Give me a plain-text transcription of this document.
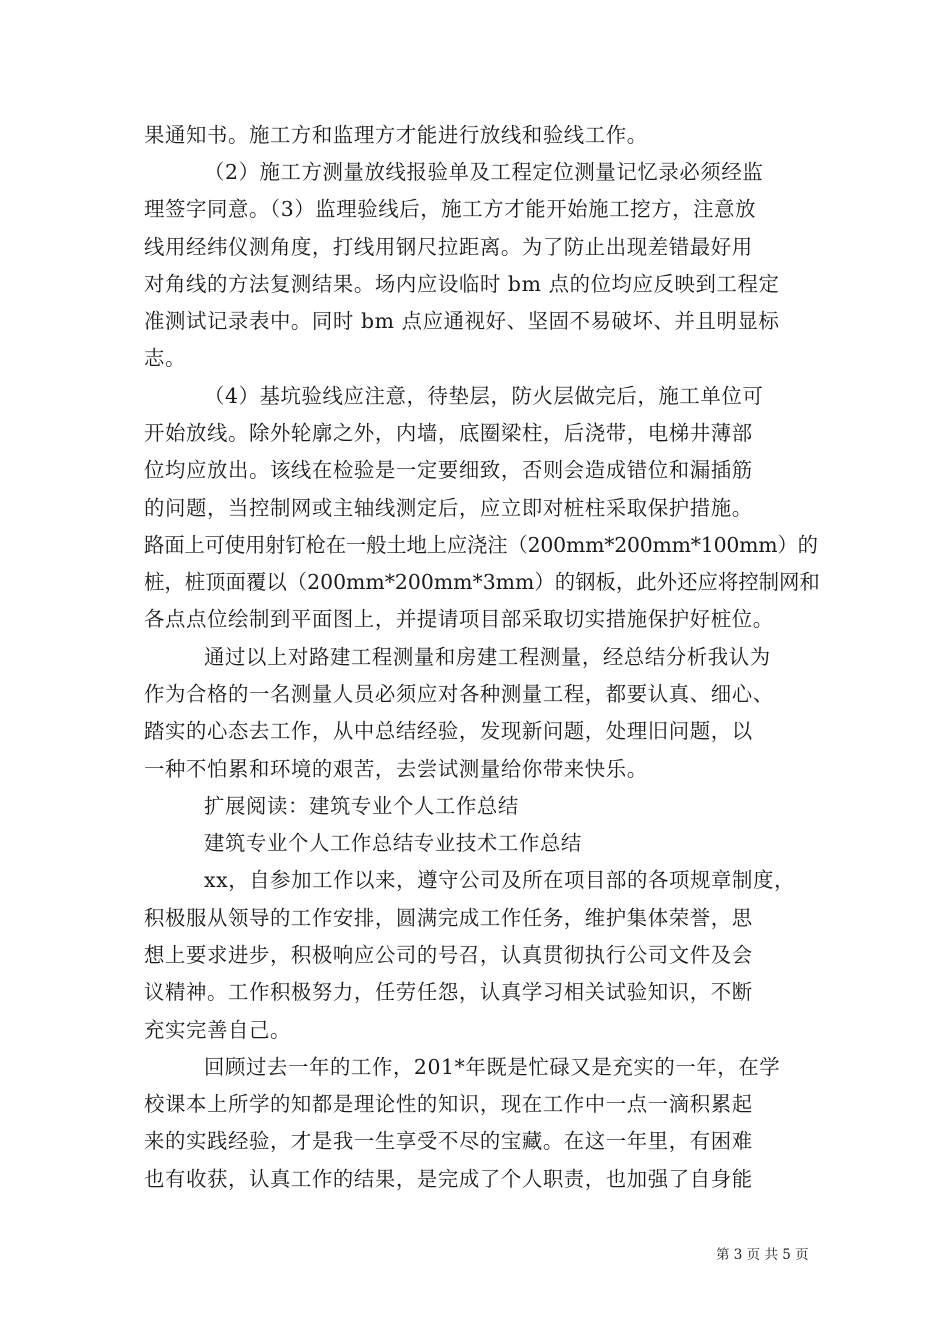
果通知书。施工方和监理方才能进行放线和验线工作。
（2）施工方测量放线报验单及工程定位测量记忆录必须经监
理签字同意。（3）监理验线后，施工方才能开始施工挖方，注意放
线用经纬仪测角度，打线用钢尺拉距离。为了防止出现差错最好用
对角线的方法复测结果。场内应设临时 bm 点的位均应反映到工程定
准测试记录表中。同时 bm 点应通视好、坚固不易破坏、并且明显标
志。
（4）基坑验线应注意，待垫层，防火层做完后，施工单位可
开始放线。除外轮廓之外，内墙，底圈梁柱，后浇带，电梯井薄部
位均应放出。该线在检验是一定要细致，否则会造成错位和漏插筋
的问题，当控制网或主轴线测定后，应立即对桩柱采取保护措施。
路面上可使用射钉枪在一般土地上应浇注（200mm*200mm*100mm）的
桩，桩顶面覆以（200mm*200mm*3mm）的钢板，此外还应将控制网和
各点点位绘制到平面图上，并提请项目部采取切实措施保护好桩位。
通过以上对路建工程测量和房建工程测量，经总结分析我认为
作为合格的一名测量人员必须应对各种测量工程，都要认真、细心、
踏实的心态去工作，从中总结经验，发现新问题，处理旧问题，以
一种不怕累和环境的艰苦，去尝试测量给你带来快乐。
扩展阅读：建筑专业个人工作总结
建筑专业个人工作总结专业技术工作总结
xx，自参加工作以来，遵守公司及所在项目部的各项规章制度，
积极服从领导的工作安排，圆满完成工作任务，维护集体荣誉，思
想上要求进步，积极响应公司的号召，认真贯彻执行公司文件及会
议精神。工作积极努力，任劳任怨，认真学习相关试验知识，不断
充实完善自己。
回顾过去一年的工作，201*年既是忙碌又是充实的一年，在学
校课本上所学的知都是理论性的知识，现在工作中一点一滴积累起
来的实践经验，才是我一生享受不尽的宝藏。在这一年里，有困难
也有收获，认真工作的结果，是完成了个人职责，也加强了自身能
第 3 页 共 5 页
